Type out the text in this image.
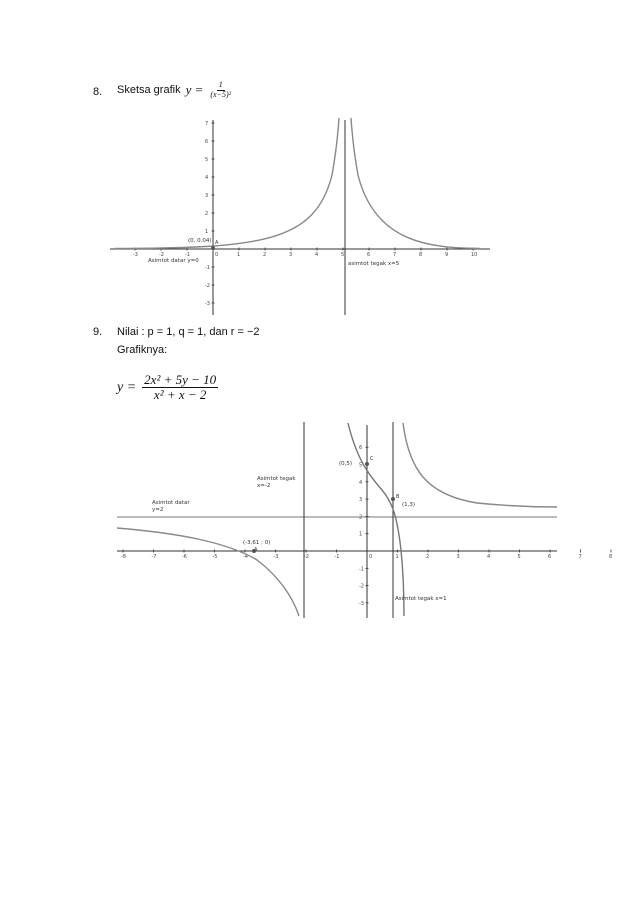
8. Sketsa grafik $y = \frac{1}{\text{(x−5)²}}$
-3	-2	-1	0	1	2	3	4	5	6	7	8	9	10
7
6
5
4
3
2
1
-1
-2
-3
(0, 0.04) A
Asimtot datar y=0	asimtot tegak x=5
9. Nilai : p = 1, q = 1, dan r = −2
Grafiknya:
$y = \frac{\text{2x² + 5y − 10}}{\text{x² + x − 2}}$
-8	-7	-6	-5	-4	-3	-2	-1	0	1	2	3	4	5	6	7	8
6
5
4
3
2
1
-1
-2
-3
(-3,61 ; 0)
A
(0,5)
C
(1,3)
B
Asimtot tegak
x=-2
Asimtot datar
y=2
Asimtot tegak x=1
